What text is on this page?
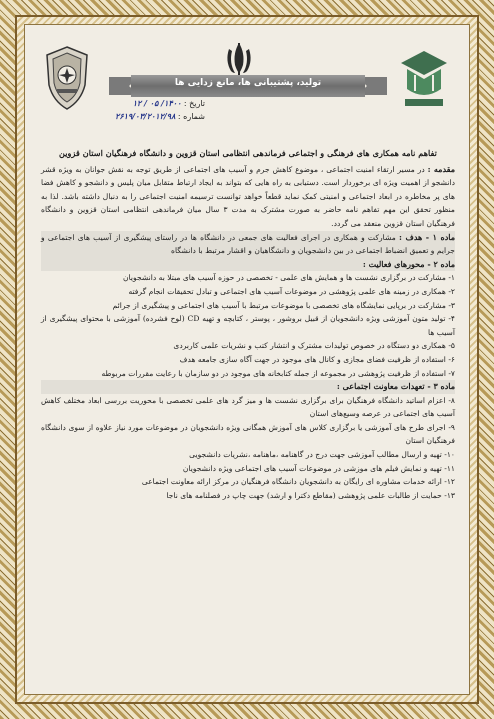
تولید، پشتیبانی ها، مانع زدایی ها
تاریخ : ۱۴۰۰/ ۰۵ / ۱۲
شماره : ۲۶۱۹/۰۳/۲۰۱۲/۹۸

تفاهم نامه همکاری های فرهنگی و اجتماعی فرماندهی انتظامی استان قزوین و دانشگاه فرهنگیان استان قزوین

مقدمه : در مسیر ارتقاء امنیت اجتماعی ، موضوع کاهش جرم و آسیب های اجتماعی از طریق توجه به نقش جوانان به ویژه قشر دانشجو از اهمیت ویژه ای برخوردار است. دستیابی به راه هایی که بتواند به ایجاد ارتباط متقابل میان پلیس و دانشجو و کاهش فضا های پر مخاطره در ابعاد اجتماعی و امنیتی کمک نماید قطعاً خواهد توانست ترسیمه امنیت اجتماعی را به دنبال داشته باشد. لذا به منظور تحقق این مهم تفاهم نامه حاضر به صورت مشترک به مدت ۳ سال میان فرماندهی انتظامی استان قزوین و دانشگاه فرهنگیان استان قزوین منعقد می گردد.

ماده ۱ - هدف : مشارکت و همکاری در اجرای فعالیت های جمعی در دانشگاه ها در راستای پیشگیری از آسیب های اجتماعی و جرایم و تعمیق انضباط اجتماعی در بین دانشجویان و دانشگاهیان و اقشار مرتبط با دانشگاه

ماده ۲ - محورهای فعالیت :

۱- مشارکت در برگزاری نشست ها و همایش های علمی - تخصصی در حوزه آسیب های مبتلا به دانشجویان

۲- همکاری در زمینه های علمی پژوهشی در موضوعات آسیب های اجتماعی و تبادل تحقیقات انجام گرفته

۳- مشارکت در برپایی نمایشگاه های تخصصی با موضوعات مرتبط با آسیب های اجتماعی و پیشگیری از جرائم

۴- تولید متون آموزشی ویژه دانشجویان از قبیل بروشور ، پوستر ، کتابچه و تهیه CD (لوح فشرده) آموزشی با محتوای پیشگیری از آسیب ها

۵- همکاری دو دستگاه در خصوص تولیدات مشترک و انتشار کتب و نشریات علمی کاربردی

۶- استفاده از ظرفیت فضای مجازی و کانال های موجود در جهت آگاه سازی جامعه هدف

۷- استفاده از ظرفیت پژوهشی در مجموعه از جمله کتابخانه های موجود در دو سازمان با رعایت مقررات مربوطه

ماده ۳ - تعهدات معاونت اجتماعی :

۸- اعزام اساتید دانشگاه فرهنگیان برای برگزاری نشست ها و میز گرد های علمی تخصصی با محوریت بررسی ابعاد مختلف کاهش آسیب های اجتماعی در عرصه وسیع‌های استان

۹- اجرای طرح های آموزشی یا برگزاری کلاس های آموزش همگانی ویژه دانشجویان در موضوعات مورد نیاز علاوه از سوی دانشگاه فرهنگیان استان

۱۰- تهیه و ارسال مطالب آموزشی جهت درج در گاهنامه ،ماهنامه ،نشریات دانشجویی

۱۱- تهیه و نمایش فیلم های موزشی در موضوعات آسیب های اجتماعی ویژه دانشجویان

۱۲- ارائه خدمات مشاوره ای رایگان به دانشجویان دانشگاه فرهنگیان در مرکز ارائه معاونت اجتماعی

۱۳- حمایت از طالبات علمی پژوهشی (مقاطع دکترا و ارشد) جهت چاپ در فصلنامه های ناجا
